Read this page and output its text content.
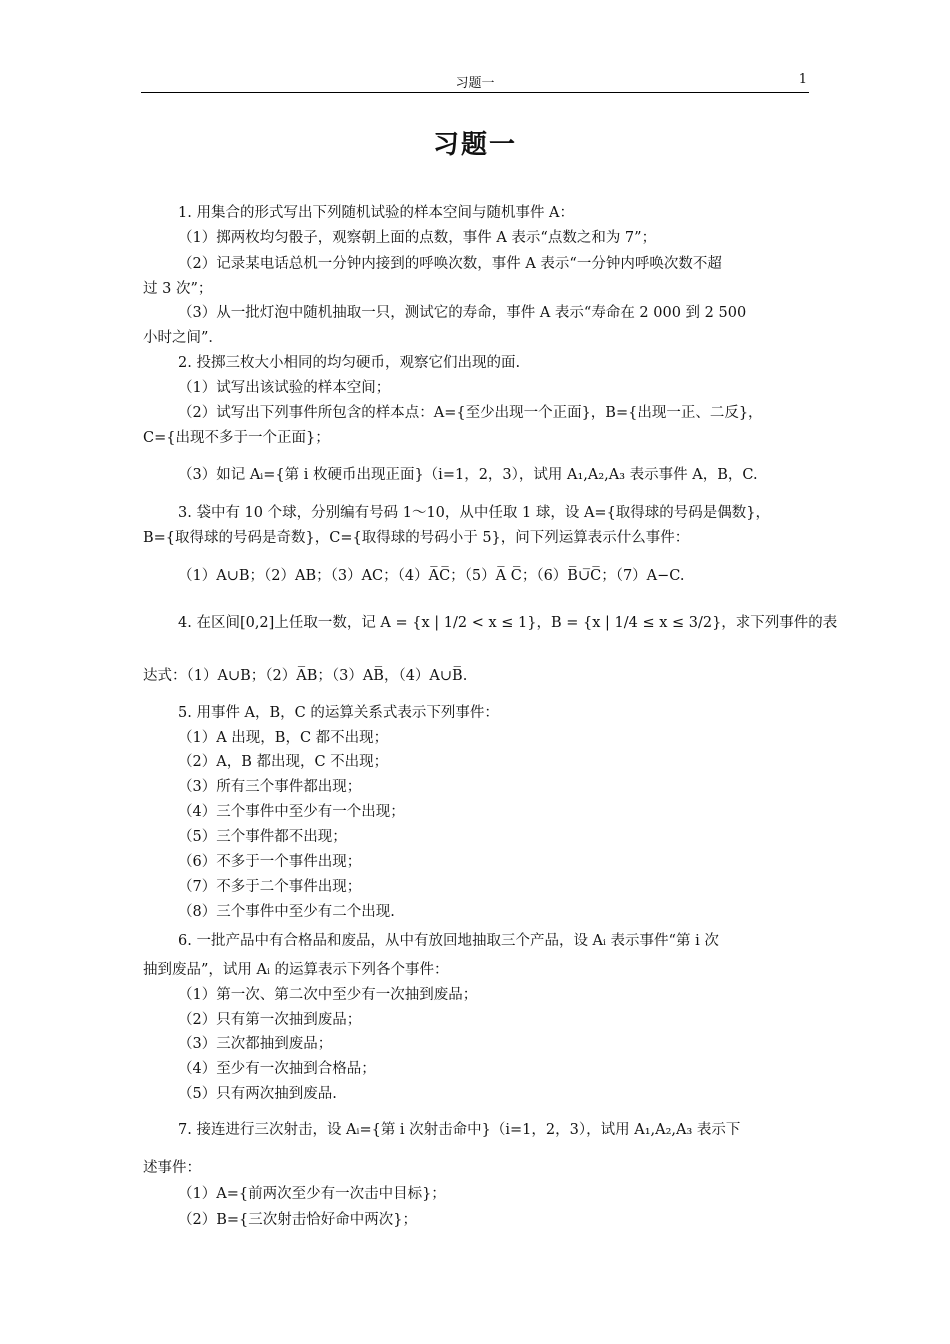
习题一	1
习题一
1. 用集合的形式写出下列随机试验的样本空间与随机事件 A：
（1）掷两枚均匀骰子，观察朝上面的点数，事件 A 表示“点数之和为 7”；
（2）记录某电话总机一分钟内接到的呼唤次数，事件 A 表示“一分钟内呼唤次数不超
过 3 次”；
（3）从一批灯泡中随机抽取一只，测试它的寿命，事件 A 表示“寿命在 2 000 到 2 500
小时之间”．
2. 投掷三枚大小相同的均匀硬币，观察它们出现的面.
（1）试写出该试验的样本空间；
（2）试写出下列事件所包含的样本点：A={至少出现一个正面}，B={出现一正、二反}，
C={出现不多于一个正面}；
（3）如记 Aᵢ={第 i 枚硬币出现正面}（i=1，2，3），试用 A₁,A₂,A₃ 表示事件 A，B，C.
3. 袋中有 10 个球，分别编有号码 1～10，从中任取 1 球，设 A={取得球的号码是偶数}，
B={取得球的号码是奇数}，C={取得球的号码小于 5}，问下列运算表示什么事件：
（1）A∪B；（2）AB；（3）AC；（4）A̅C̅；（5）A̅ C̅；（6）B̅∪̅C̅；（7）A−C.
4. 在区间[0,2]上任取一数，记 A = {x | 1/2 < x ≤ 1}，B = {x | 1/4 ≤ x ≤ 3/2}，求下列事件的表
达式：（1）A∪B；（2）A̅B；（3）AB̅，（4）A∪B̅.
5. 用事件 A，B，C 的运算关系式表示下列事件：
（1）A 出现，B，C 都不出现；
（2）A，B 都出现，C 不出现；
（3）所有三个事件都出现；
（4）三个事件中至少有一个出现；
（5）三个事件都不出现；
（6）不多于一个事件出现；
（7）不多于二个事件出现；
（8）三个事件中至少有二个出现.
6. 一批产品中有合格品和废品，从中有放回地抽取三个产品，设 Aᵢ 表示事件“第 i 次
抽到废品”，试用 Aᵢ 的运算表示下列各个事件：
（1）第一次、第二次中至少有一次抽到废品；
（2）只有第一次抽到废品；
（3）三次都抽到废品；
（4）至少有一次抽到合格品；
（5）只有两次抽到废品.
7. 接连进行三次射击，设 Aᵢ={第 i 次射击命中}（i=1，2，3），试用 A₁,A₂,A₃ 表示下
述事件：
（1）A={前两次至少有一次击中目标}；
（2）B={三次射击恰好命中两次}；
